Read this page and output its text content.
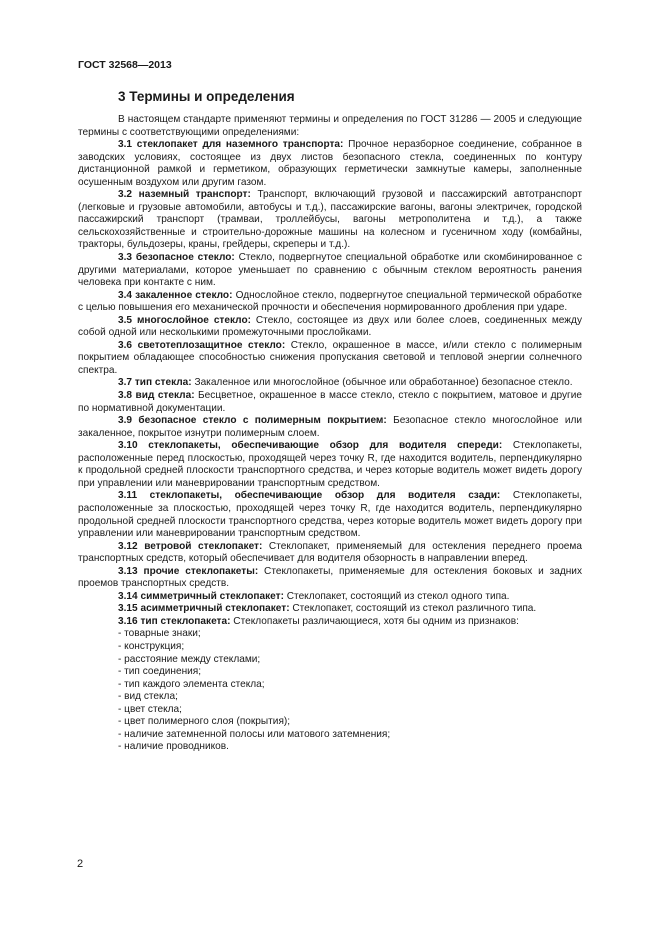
ГОСТ 32568—2013
3 Термины и определения

В настоящем стандарте применяют термины и определения по ГОСТ 31286 — 2005 и следующие термины с соответствующими определениями:

3.1 стеклопакет для наземного транспорта: Прочное неразборное соединение, собранное в заводских условиях, состоящее из двух листов безопасного стекла, соединенных по контуру дистанционной рамкой и герметиком, образующих герметически замкнутые камеры, заполненные осушенным воздухом или другим газом.

3.2 наземный транспорт: Транспорт, включающий грузовой и пассажирский автотранспорт (легковые и грузовые автомобили, автобусы и т.д.), пассажирские вагоны, вагоны электричек, городской пассажирский транспорт (трамваи, троллейбусы, вагоны метрополитена и т.д.), а также сельскохозяйственные и строительно-дорожные машины на колесном и гусеничном ходу (комбайны, тракторы, бульдозеры, краны, грейдеры, скреперы и т.д.).

3.3 безопасное стекло: Стекло, подвергнутое специальной обработке или скомбинированное с другими материалами, которое уменьшает по сравнению с обычным стеклом вероятность ранения человека при контакте с ним.

3.4 закаленное стекло: Однослойное стекло, подвергнутое специальной термической обработке с целью повышения его механической прочности и обеспечения нормированного дробления при ударе.

3.5 многослойное стекло: Стекло, состоящее из двух или более слоев, соединенных между собой одной или несколькими промежуточными прослойками.

3.6 светотеплозащитное стекло: Стекло, окрашенное в массе, и/или стекло с полимерным покрытием обладающее способностью снижения пропускания световой и тепловой энергии солнечного спектра.

3.7 тип стекла: Закаленное или многослойное (обычное или обработанное) безопасное стекло.

3.8 вид стекла: Бесцветное, окрашенное в массе стекло, стекло с покрытием, матовое и другие по нормативной документации.

3.9 безопасное стекло с полимерным покрытием: Безопасное стекло многослойное или закаленное, покрытое изнутри полимерным слоем.

3.10 стеклопакеты, обеспечивающие обзор для водителя спереди: Стеклопакеты, расположенные перед плоскостью, проходящей через точку R, где находится водитель, перпендикулярно к продольной средней плоскости транспортного средства, и через которые водитель может видеть дорогу при управлении или маневрировании транспортным средством.

3.11 стеклопакеты, обеспечивающие обзор для водителя сзади: Стеклопакеты, расположенные за плоскостью, проходящей через точку R, где находится водитель, перпендикулярно продольной средней плоскости транспортного средства, через которые водитель может видеть дорогу при управлении или маневрировании транспортным средством.

3.12 ветровой стеклопакет: Стеклопакет, применяемый для остекления переднего проема транспортных средств, который обеспечивает для водителя обзорность в направлении вперед.

3.13 прочие стеклопакеты: Стеклопакеты, применяемые для остекления боковых и задних проемов транспортных средств.

3.14 симметричный стеклопакет: Стеклопакет, состоящий из стекол одного типа.

3.15 асимметричный стеклопакет: Стеклопакет, состоящий из стекол различного типа.

3.16 тип стеклопакета: Стеклопакеты различающиеся, хотя бы одним из признаков:

- товарные знаки;
- конструкция;
- расстояние между стеклами;
- тип соединения;
- тип каждого элемента стекла;
- вид стекла;
- цвет стекла;
- цвет полимерного слоя (покрытия);
- наличие затемненной полосы или матового затемнения;
- наличие проводников.
2
